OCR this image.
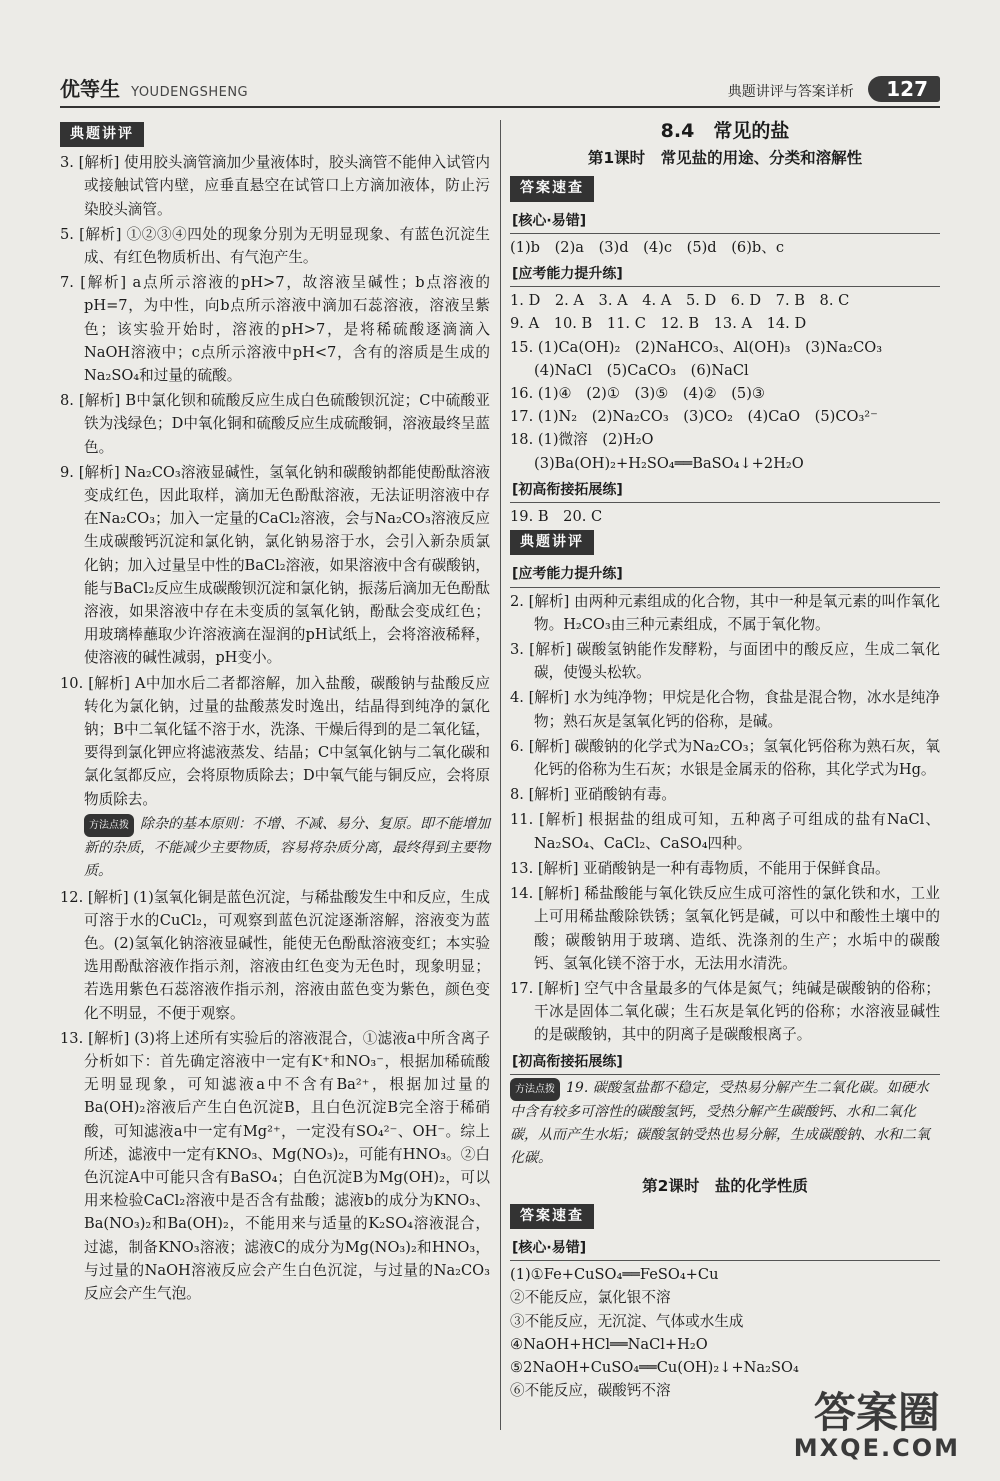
优等生 YOUDENGSHENG	典题讲评与答案详析 127
典题讲评

3. [解析] 使用胶头滴管滴加少量液体时，胶头滴管不能伸入试管内或接触试管内壁，应垂直悬空在试管口上方滴加液体，防止污染胶头滴管。

5. [解析] ①②③④四处的现象分别为无明显现象、有蓝色沉淀生成、有红色物质析出、有气泡产生。

7. [解析] a点所示溶液的pH>7，故溶液呈碱性；b点溶液的pH=7，为中性，向b点所示溶液中滴加石蕊溶液，溶液呈紫色；该实验开始时，溶液的pH>7，是将稀硫酸逐滴滴入NaOH溶液中；c点所示溶液中pH<7，含有的溶质是生成的Na₂SO₄和过量的硫酸。

8. [解析] B中氯化钡和硫酸反应生成白色硫酸钡沉淀；C中硫酸亚铁为浅绿色；D中氧化铜和硫酸反应生成硫酸铜，溶液最终呈蓝色。

9. [解析] Na₂CO₃溶液显碱性，氢氧化钠和碳酸钠都能使酚酞溶液变成红色，因此取样，滴加无色酚酞溶液，无法证明溶液中存在Na₂CO₃；加入一定量的CaCl₂溶液，会与Na₂CO₃溶液反应生成碳酸钙沉淀和氯化钠，氯化钠易溶于水，会引入新杂质氯化钠；加入过量呈中性的BaCl₂溶液，如果溶液中含有碳酸钠，能与BaCl₂反应生成碳酸钡沉淀和氯化钠，振荡后滴加无色酚酞溶液，如果溶液中存在未变质的氢氧化钠，酚酞会变成红色；用玻璃棒蘸取少许溶液滴在湿润的pH试纸上，会将溶液稀释，使溶液的碱性减弱，pH变小。

10. [解析] A中加水后二者都溶解，加入盐酸，碳酸钠与盐酸反应转化为氯化钠，过量的盐酸蒸发时逸出，结晶得到纯净的氯化钠；B中二氧化锰不溶于水，洗涤、干燥后得到的是二氧化锰，要得到氯化钾应将滤液蒸发、结晶；C中氢氧化钠与二氧化碳和氯化氢都反应，会将原物质除去；D中氧气能与铜反应，会将原物质除去。

方法点拨 除杂的基本原则：不增、不减、易分、复原。即不能增加新的杂质，不能减少主要物质，容易将杂质分离，最终得到主要物质。

12. [解析] (1)氢氧化铜是蓝色沉淀，与稀盐酸发生中和反应，生成可溶于水的CuCl₂，可观察到蓝色沉淀逐渐溶解，溶液变为蓝色。(2)氢氧化钠溶液显碱性，能使无色酚酞溶液变红；本实验选用酚酞溶液作指示剂，溶液由红色变为无色时，现象明显；若选用紫色石蕊溶液作指示剂，溶液由蓝色变为紫色，颜色变化不明显，不便于观察。

13. [解析] (3)将上述所有实验后的溶液混合，①滤液a中所含离子分析如下：首先确定溶液中一定有K⁺和NO₃⁻，根据加稀硫酸无明显现象，可知滤液a中不含有Ba²⁺，根据加过量的Ba(OH)₂溶液后产生白色沉淀B，且白色沉淀B完全溶于稀硝酸，可知滤液a中一定有Mg²⁺，一定没有SO₄²⁻、OH⁻。综上所述，滤液中一定有KNO₃、Mg(NO₃)₂，可能有HNO₃。②白色沉淀A中可能只含有BaSO₄；白色沉淀B为Mg(OH)₂，可以用来检验CaCl₂溶液中是否含有盐酸；滤液b的成分为KNO₃、Ba(NO₃)₂和Ba(OH)₂，不能用来与适量的K₂SO₄溶液混合，过滤，制备KNO₃溶液；滤液C的成分为Mg(NO₃)₂和HNO₃，与过量的NaOH溶液反应会产生白色沉淀，与过量的Na₂CO₃反应会产生气泡。

8.4　常见的盐
第1课时　常见盐的用途、分类和溶解性
答案速查
[核心·易错]

(1)b　(2)a　(3)d　(4)c　(5)d　(6)b、c

[应考能力提升练]

1. D　2. A　3. A　4. A　5. D　6. D　7. B　8. C

9. A　10. B　11. C　12. B　13. A　14. D

15. (1)Ca(OH)₂　(2)NaHCO₃、Al(OH)₃　(3)Na₂CO₃

(4)NaCl　(5)CaCO₃　(6)NaCl

16. (1)④　(2)①　(3)⑤　(4)②　(5)③

17. (1)N₂　(2)Na₂CO₃　(3)CO₂　(4)CaO　(5)CO₃²⁻

18. (1)微溶　(2)H₂O

(3)Ba(OH)₂+H₂SO₄══BaSO₄↓+2H₂O

[初高衔接拓展练]

19. B　20. C

典题讲评
[应考能力提升练]

2. [解析] 由两种元素组成的化合物，其中一种是氧元素的叫作氧化物。H₂CO₃由三种元素组成，不属于氧化物。

3. [解析] 碳酸氢钠能作发酵粉，与面团中的酸反应，生成二氧化碳，使馒头松软。

4. [解析] 水为纯净物；甲烷是化合物，食盐是混合物，冰水是纯净物；熟石灰是氢氧化钙的俗称，是碱。

6. [解析] 碳酸钠的化学式为Na₂CO₃；氢氧化钙俗称为熟石灰，氧化钙的俗称为生石灰；水银是金属汞的俗称，其化学式为Hg。

8. [解析] 亚硝酸钠有毒。

11. [解析] 根据盐的组成可知，五种离子可组成的盐有NaCl、Na₂SO₄、CaCl₂、CaSO₄四种。

13. [解析] 亚硝酸钠是一种有毒物质，不能用于保鲜食品。

14. [解析] 稀盐酸能与氧化铁反应生成可溶性的氯化铁和水，工业上可用稀盐酸除铁锈；氢氧化钙是碱，可以中和酸性土壤中的酸；碳酸钠用于玻璃、造纸、洗涤剂的生产；水垢中的碳酸钙、氢氧化镁不溶于水，无法用水清洗。

17. [解析] 空气中含量最多的气体是氮气；纯碱是碳酸钠的俗称；干冰是固体二氧化碳；生石灰是氧化钙的俗称；水溶液显碱性的是碳酸钠，其中的阴离子是碳酸根离子。

[初高衔接拓展练]

方法点拨 19. 碳酸氢盐都不稳定，受热易分解产生二氧化碳。如硬水中含有较多可溶性的碳酸氢钙，受热分解产生碳酸钙、水和二氧化碳，从而产生水垢；碳酸氢钠受热也易分解，生成碳酸钠、水和二氧化碳。

第2课时　盐的化学性质
答案速查
[核心·易错]

(1)①Fe+CuSO₄══FeSO₄+Cu

②不能反应，氯化银不溶

③不能反应，无沉淀、气体或水生成

④NaOH+HCl══NaCl+H₂O

⑤2NaOH+CuSO₄══Cu(OH)₂↓+Na₂SO₄

⑥不能反应，碳酸钙不溶	答案圈
MXQE.COM
